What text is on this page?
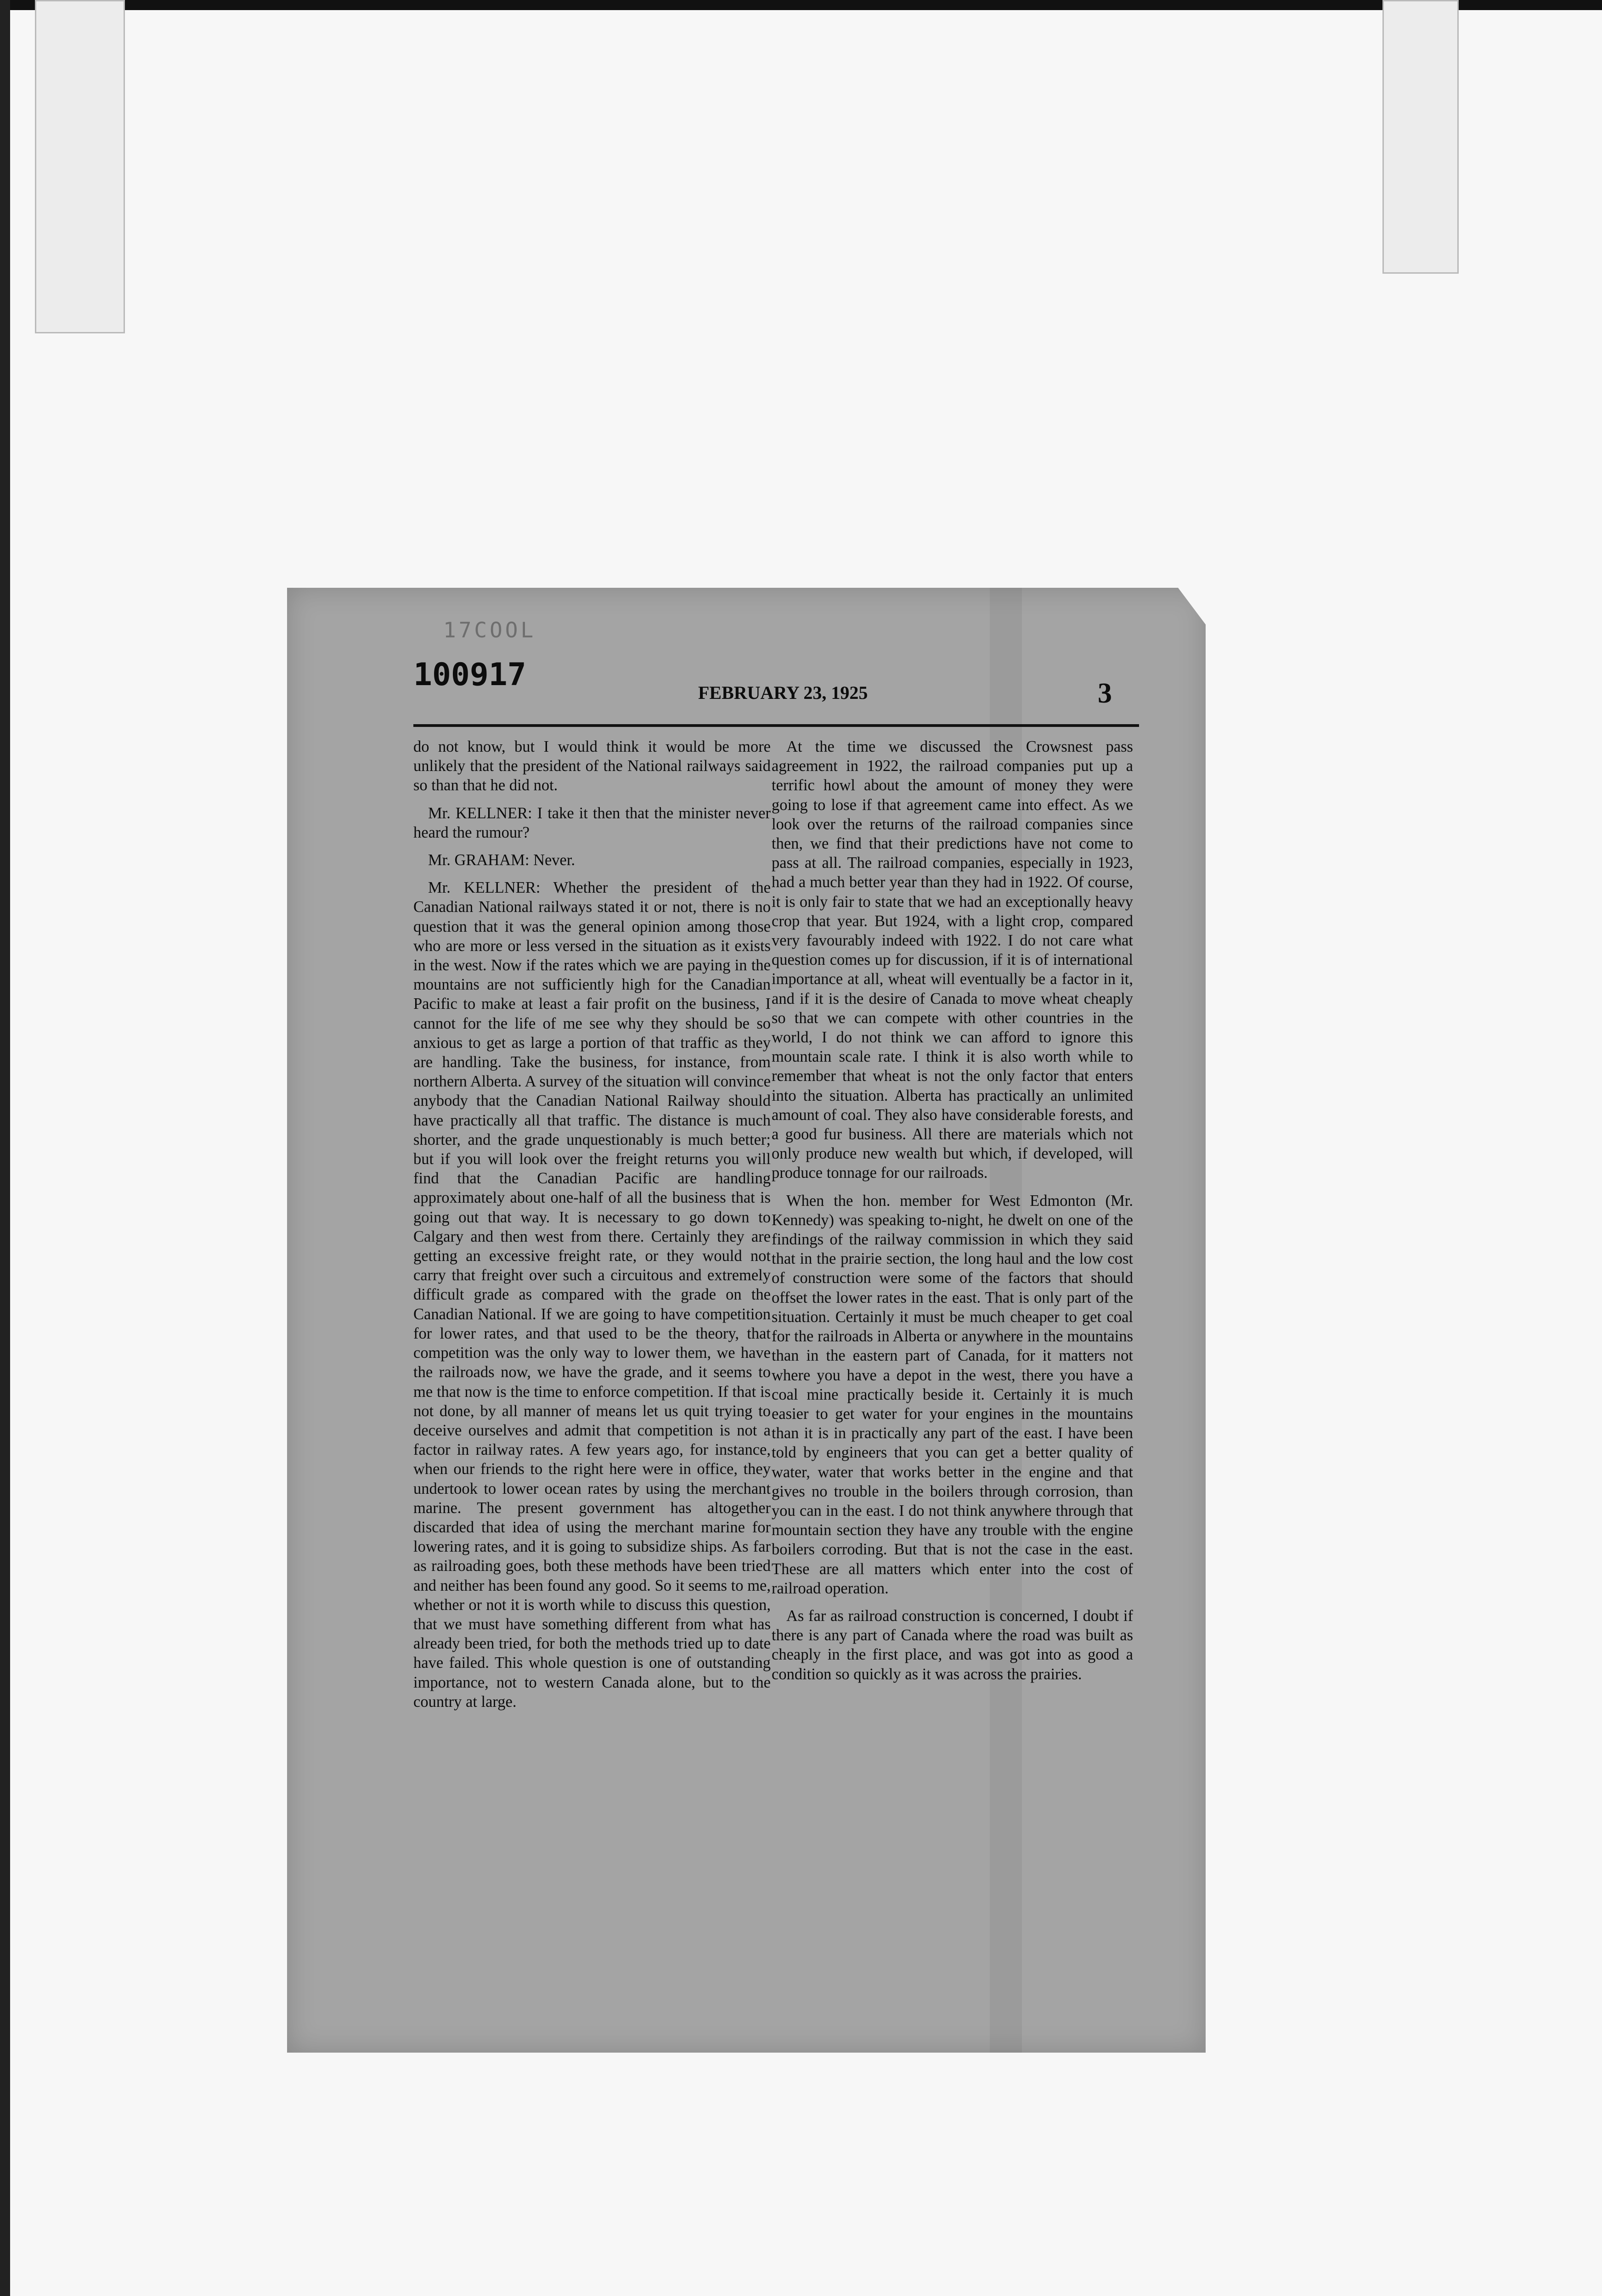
17COOL
100917	FEBRUARY 23, 1925	3

do not know, but I would think it would be more unlikely that the president of the National railways said so than that he did not.

Mr. KELLNER: I take it then that the minister never heard the rumour?

Mr. GRAHAM: Never.

Mr. KELLNER: Whether the president of the Canadian National railways stated it or not, there is no question that it was the general opinion among those who are more or less versed in the situation as it exists in the west. Now if the rates which we are paying in the mountains are not sufficiently high for the Canadian Pacific to make at least a fair profit on the business, I cannot for the life of me see why they should be so anxious to get as large a portion of that traffic as they are handling. Take the business, for instance, from northern Alberta. A survey of the situation will convince anybody that the Canadian National Railway should have practically all that traffic. The distance is much shorter, and the grade unquestionably is much better; but if you will look over the freight returns you will find that the Canadian Pacific are handling approximately about one-half of all the business that is going out that way. It is necessary to go down to Calgary and then west from there. Certainly they are getting an excessive freight rate, or they would not carry that freight over such a circuitous and extremely difficult grade as compared with the grade on the Canadian National. If we are going to have competition for lower rates, and that used to be the theory, that competition was the only way to lower them, we have the railroads now, we have the grade, and it seems to me that now is the time to enforce competition. If that is not done, by all manner of means let us quit trying to deceive ourselves and admit that competition is not a factor in railway rates. A few years ago, for instance, when our friends to the right here were in office, they undertook to lower ocean rates by using the merchant marine. The present government has altogether discarded that idea of using the merchant marine for lowering rates, and it is going to subsidize ships. As far as railroading goes, both these methods have been tried and neither has been found any good. So it seems to me, whether or not it is worth while to discuss this question, that we must have something different from what has already been tried, for both the methods tried up to date have failed. This whole question is one of outstanding importance, not to western Canada alone, but to the country at large.

At the time we discussed the Crowsnest pass agreement in 1922, the railroad companies put up a terrific howl about the amount of money they were going to lose if that agreement came into effect. As we look over the returns of the railroad companies since then, we find that their predictions have not come to pass at all. The railroad companies, especially in 1923, had a much better year than they had in 1922. Of course, it is only fair to state that we had an exceptionally heavy crop that year. But 1924, with a light crop, compared very favourably indeed with 1922. I do not care what question comes up for discussion, if it is of international importance at all, wheat will eventually be a factor in it, and if it is the desire of Canada to move wheat cheaply so that we can compete with other countries in the world, I do not think we can afford to ignore this mountain scale rate. I think it is also worth while to remember that wheat is not the only factor that enters into the situation. Alberta has practically an unlimited amount of coal. They also have considerable forests, and a good fur business. All there are materials which not only produce new wealth but which, if developed, will produce tonnage for our railroads.

When the hon. member for West Edmonton (Mr. Kennedy) was speaking to-night, he dwelt on one of the findings of the railway commission in which they said that in the prairie section, the long haul and the low cost of construction were some of the factors that should offset the lower rates in the east. That is only part of the situation. Certainly it must be much cheaper to get coal for the railroads in Alberta or anywhere in the mountains than in the eastern part of Canada, for it matters not where you have a depot in the west, there you have a coal mine practically beside it. Certainly it is much easier to get water for your engines in the mountains than it is in practically any part of the east. I have been told by engineers that you can get a better quality of water, water that works better in the engine and that gives no trouble in the boilers through corrosion, than you can in the east. I do not think anywhere through that mountain section they have any trouble with the engine boilers corroding. But that is not the case in the east. These are all matters which enter into the cost of railroad operation.

As far as railroad construction is concerned, I doubt if there is any part of Canada where the road was built as cheaply in the first place, and was got into as good a condition so quickly as it was across the prairies.
